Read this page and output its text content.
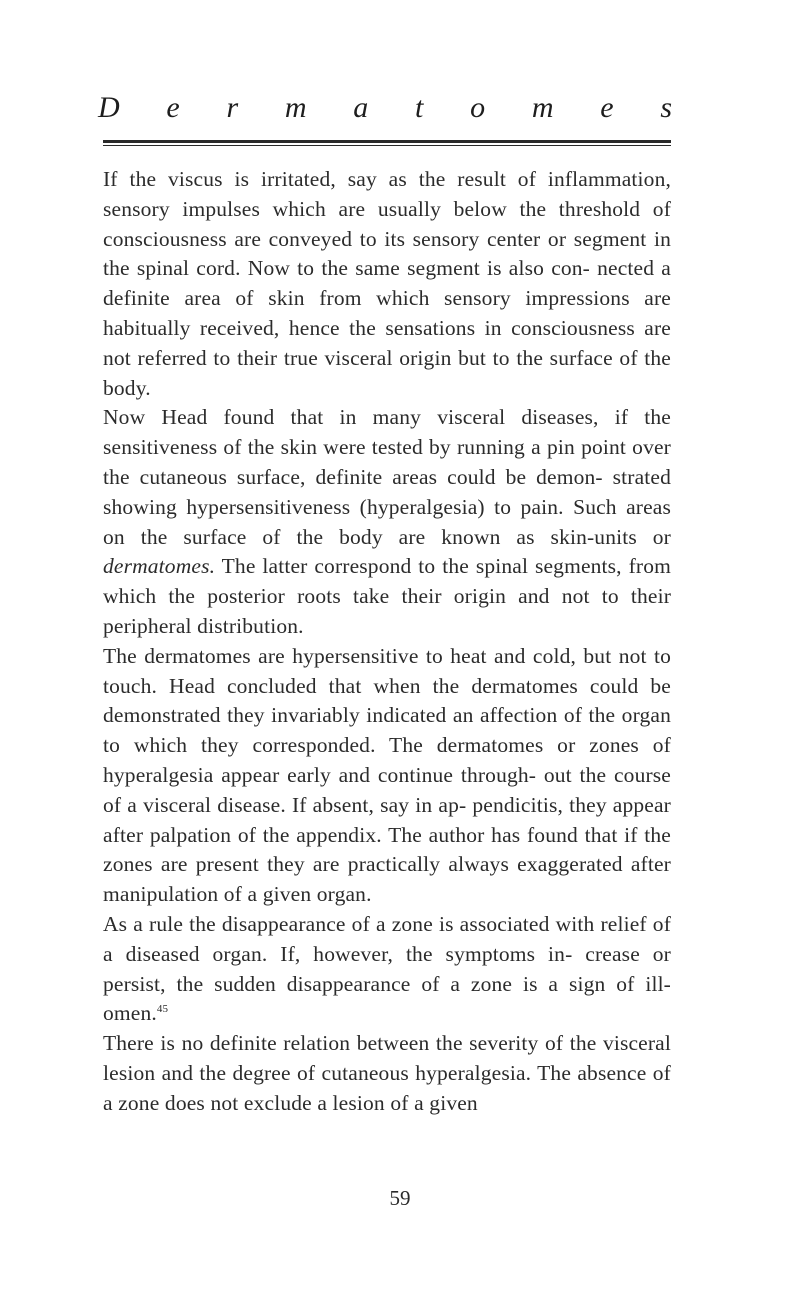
D e r m a t o m e s

If the viscus is irritated, say as the result of inflammation, sensory impulses which are usually below the threshold of consciousness are conveyed to its sensory center or segment in the spinal cord. Now to the same segment is also con- nected a definite area of skin from which sensory impressions are habitually received, hence the sensations in consciousness are not referred to their true visceral origin but to the surface of the body.

Now Head found that in many visceral diseases, if the sensitiveness of the skin were tested by running a pin point over the cutaneous surface, definite areas could be demon- strated showing hypersensitiveness (hyperalgesia) to pain. Such areas on the surface of the body are known as skin-units or dermatomes. The latter correspond to the spinal segments, from which the posterior roots take their origin and not to their peripheral distribution.

The dermatomes are hypersensitive to heat and cold, but not to touch. Head concluded that when the dermatomes could be demonstrated they invariably indicated an affection of the organ to which they corresponded. The dermatomes or zones of hyperalgesia appear early and continue through- out the course of a visceral disease. If absent, say in ap- pendicitis, they appear after palpation of the appendix. The author has found that if the zones are present they are practically always exaggerated after manipulation of a given organ.

As a rule the disappearance of a zone is associated with relief of a diseased organ. If, however, the symptoms in- crease or persist, the sudden disappearance of a zone is a sign of ill-omen.$^{45}$

There is no definite relation between the severity of the visceral lesion and the degree of cutaneous hyperalgesia. The absence of a zone does not exclude a lesion of a given

59
